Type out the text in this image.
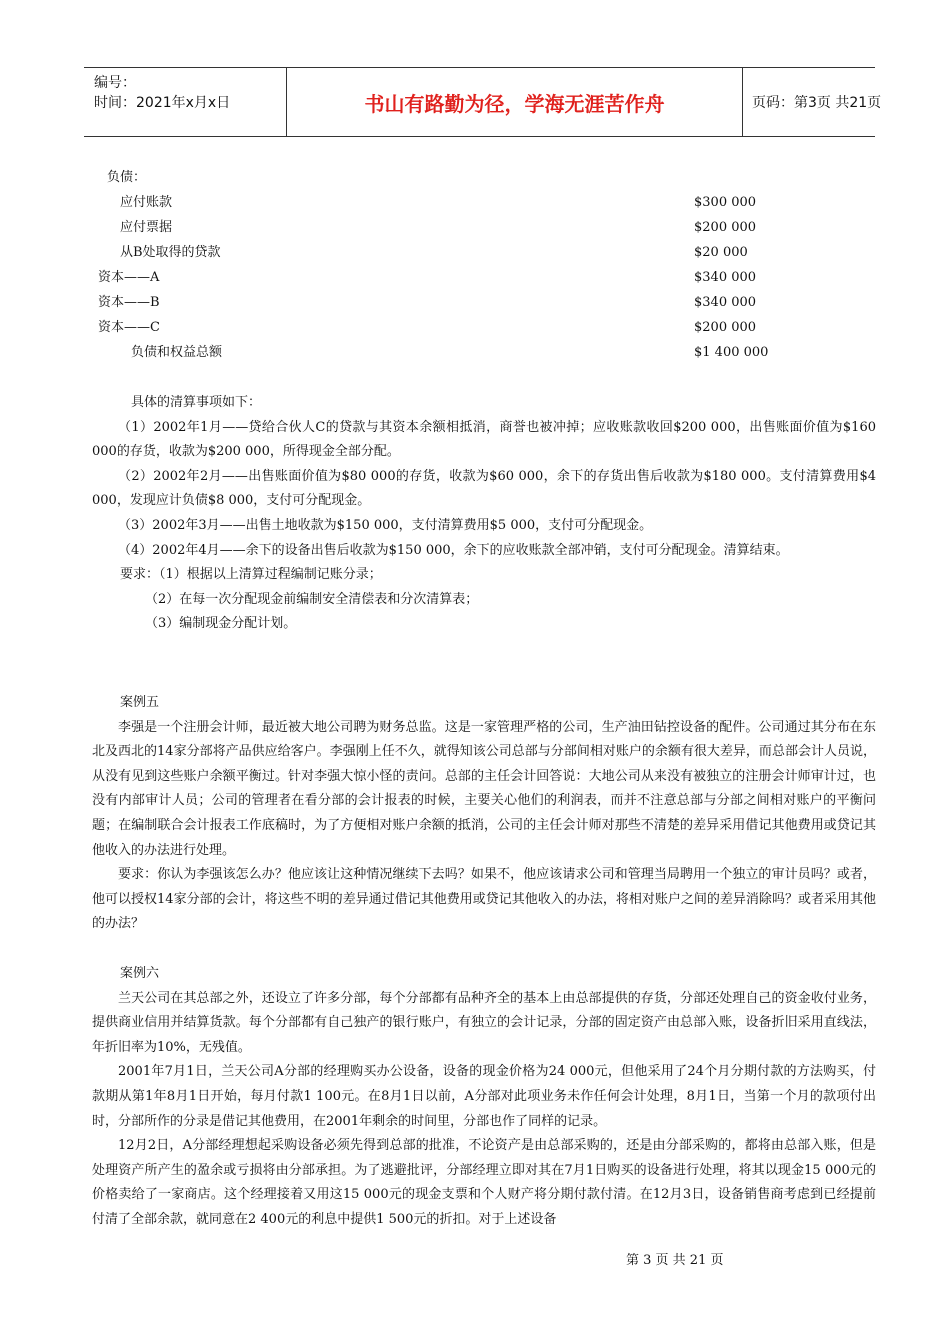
编号：
时间：2021年x月x日	书山有路勤为径，学海无涯苦作舟	页码：第3页 共21页
负债：
应付账款	$300 000
应付票据	$200 000
从B处取得的贷款	$20 000
资本——A	$340 000
资本——B	$340 000
资本——C	$200 000
负债和权益总额	$1 400 000

具体的清算事项如下：

（1）2002年1月——贷给合伙人C的贷款与其资本余额相抵消，商誉也被冲掉；应收账款收回$200 000，出售账面价值为$160 000的存货，收款为$200 000，所得现金全部分配。

（2）2002年2月——出售账面价值为$80 000的存货，收款为$60 000，余下的存货出售后收款为$180 000。支付清算费用$4 000，发现应计负债$8 000，支付可分配现金。

（3）2002年3月——出售土地收款为$150 000，支付清算费用$5 000，支付可分配现金。

（4）2002年4月——余下的设备出售后收款为$150 000，余下的应收账款全部冲销，支付可分配现金。清算结束。

要求：（1）根据以上清算过程编制记账分录；

（2）在每一次分配现金前编制安全清偿表和分次清算表；

（3）编制现金分配计划。

案例五

李强是一个注册会计师，最近被大地公司聘为财务总监。这是一家管理严格的公司，生产油田钻控设备的配件。公司通过其分布在东北及西北的14家分部将产品供应给客户。李强刚上任不久，就得知该公司总部与分部间相对账户的余额有很大差异，而总部会计人员说，从没有见到这些账户余额平衡过。针对李强大惊小怪的责问。总部的主任会计回答说：大地公司从来没有被独立的注册会计师审计过，也没有内部审计人员；公司的管理者在看分部的会计报表的时候，主要关心他们的利润表，而并不注意总部与分部之间相对账户的平衡问题；在编制联合会计报表工作底稿时，为了方便相对账户余额的抵消，公司的主任会计师对那些不清楚的差异采用借记其他费用或贷记其他收入的办法进行处理。

要求：你认为李强该怎么办？他应该让这种情况继续下去吗？如果不，他应该请求公司和管理当局聘用一个独立的审计员吗？或者，他可以授权14家分部的会计，将这些不明的差异通过借记其他费用或贷记其他收入的办法，将相对账户之间的差异消除吗？或者采用其他的办法？

案例六

兰天公司在其总部之外，还设立了许多分部，每个分部都有品种齐全的基本上由总部提供的存货，分部还处理自己的资金收付业务，提供商业信用并结算货款。每个分部都有自己独产的银行账户，有独立的会计记录，分部的固定资产由总部入账，设备折旧采用直线法，年折旧率为10%，无残值。

2001年7月1日，兰天公司A分部的经理购买办公设备，设备的现金价格为24 000元，但他采用了24个月分期付款的方法购买，付款期从第1年8月1日开始，每月付款1 100元。在8月1日以前，A分部对此项业务未作任何会计处理，8月1日，当第一个月的款项付出时，分部所作的分录是借记其他费用，在2001年剩余的时间里，分部也作了同样的记录。

12月2日，A分部经理想起采购设备必须先得到总部的批准，不论资产是由总部采购的，还是由分部采购的，都将由总部入账，但是处理资产所产生的盈余或亏损将由分部承担。为了逃避批评，分部经理立即对其在7月1日购买的设备进行处理，将其以现金15 000元的价格卖给了一家商店。这个经理接着又用这15 000元的现金支票和个人财产将分期付款付清。在12月3日，设备销售商考虑到已经提前付清了全部余款，就同意在2 400元的利息中提供1 500元的折扣。对于上述设备

第 3 页 共 21 页
